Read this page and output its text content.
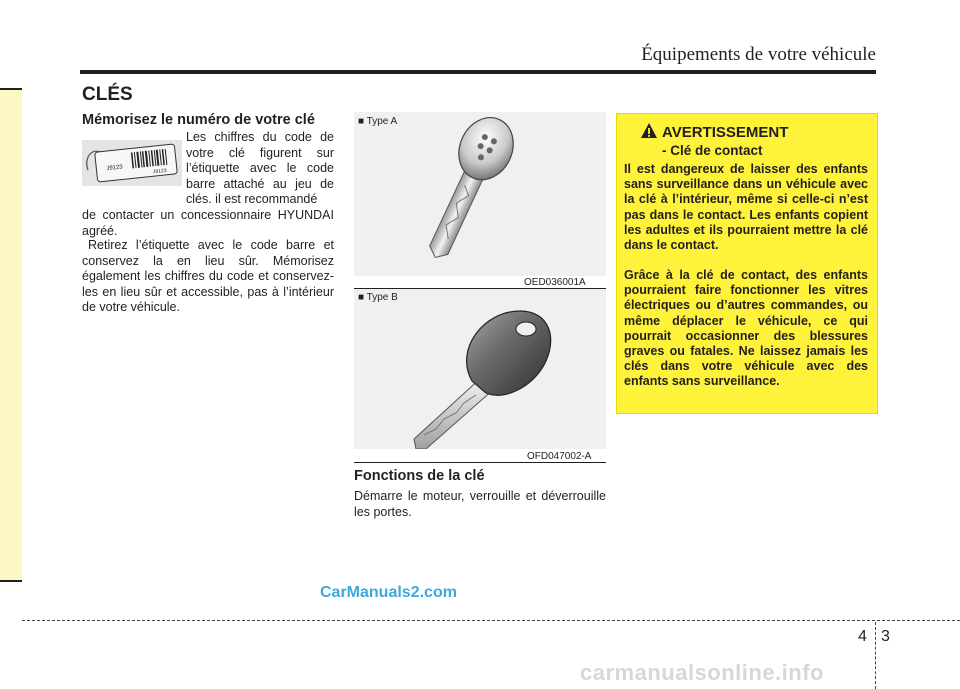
Équipements de votre véhicule
CLÉS
Mémorisez le numéro de votre clé
J9123	J9123
Les chiffres du code de votre clé figurent sur l’étiquette avec le code barre attaché au jeu de clés. il est recommandé
de contacter un concessionnaire HYUNDAI agréé.
Retirez l’étiquette avec le code barre et conservez la en lieu sûr. Mémorisez également les chiffres du code et conservez-les en lieu sûr et accessible, pas à l’intérieur de votre véhicule.
■ Type A
OED036001A
■ Type B
OFD047002-A
Fonctions de la clé
Démarre le moteur, verrouille et déverrouille les portes.
AVERTISSEMENT
- Clé de contact
Il est dangereux de laisser des enfants sans surveillance dans un véhicule avec la clé à l’intérieur, même si celle-ci n’est pas dans le contact. Les enfants copient les adultes et ils pourraient mettre la clé dans le contact.
Grâce à la clé de contact, des enfants pourraient faire fonctionner les vitres électriques ou d’autres commandes, ou même déplacer le véhicule, ce qui pourrait occasionner des blessures graves ou fatales. Ne laissez jamais les clés dans votre véhicule avec des enfants sans surveillance.
CarManuals2.com
4 3
carmanualsonline.info
